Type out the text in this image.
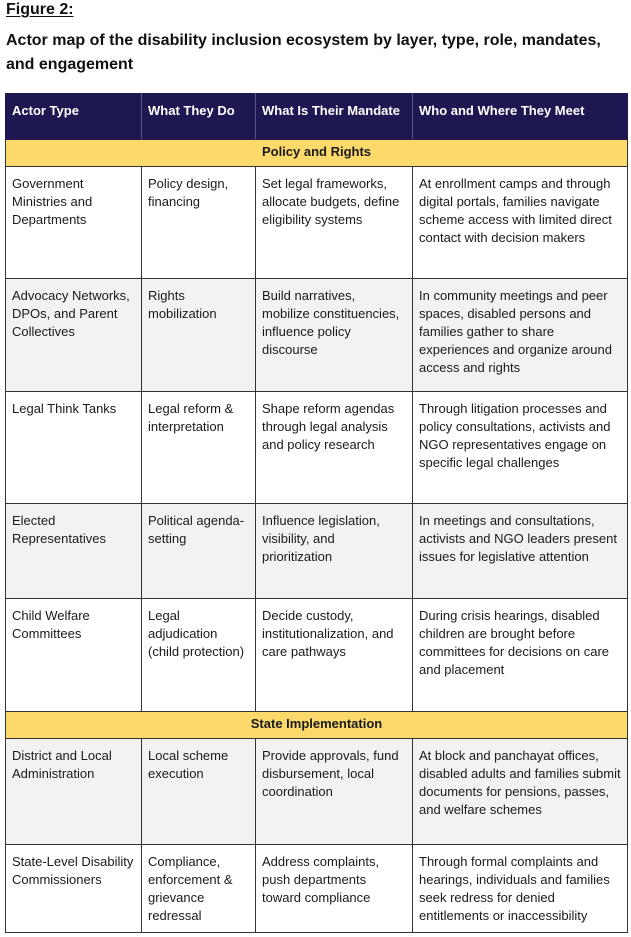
Figure 2:
Actor map of the disability inclusion ecosystem by layer, type, role, mandates, and engagement
Actor Type	What They Do	What Is Their Mandate	Who and Where They Meet
Policy and Rights			
Government Ministries and Departments	Policy design, financing	Set legal frameworks, allocate budgets, define eligibility systems	At enrollment camps and through digital portals, families navigate scheme access with limited direct contact with decision makers
Advocacy Networks, DPOs, and Parent Collectives	Rights mobilization	Build narratives, mobilize constituencies, influence policy discourse	In community meetings and peer spaces, disabled persons and families gather to share experiences and organize around access and rights
Legal Think Tanks	Legal reform & interpretation	Shape reform agendas through legal analysis and policy research	Through litigation processes and policy consultations, activists and NGO representatives engage on specific legal challenges
Elected Representatives	Political agenda-setting	Influence legislation, visibility, and prioritization	In meetings and consultations, activists and NGO leaders present issues for legislative attention
Child Welfare Committees	Legal adjudication (child protection)	Decide custody, institutionalization, and care pathways	During crisis hearings, disabled children are brought before committees for decisions on care and placement
State Implementation			
District and Local Administration	Local scheme execution	Provide approvals, fund disbursement, local coordination	At block and panchayat offices, disabled adults and families submit documents for pensions, passes, and welfare schemes
State-Level Disability Commissioners	Compliance, enforcement & grievance redressal	Address complaints, push departments toward compliance	Through formal complaints and hearings, individuals and families seek redress for denied entitlements or inaccessibility
